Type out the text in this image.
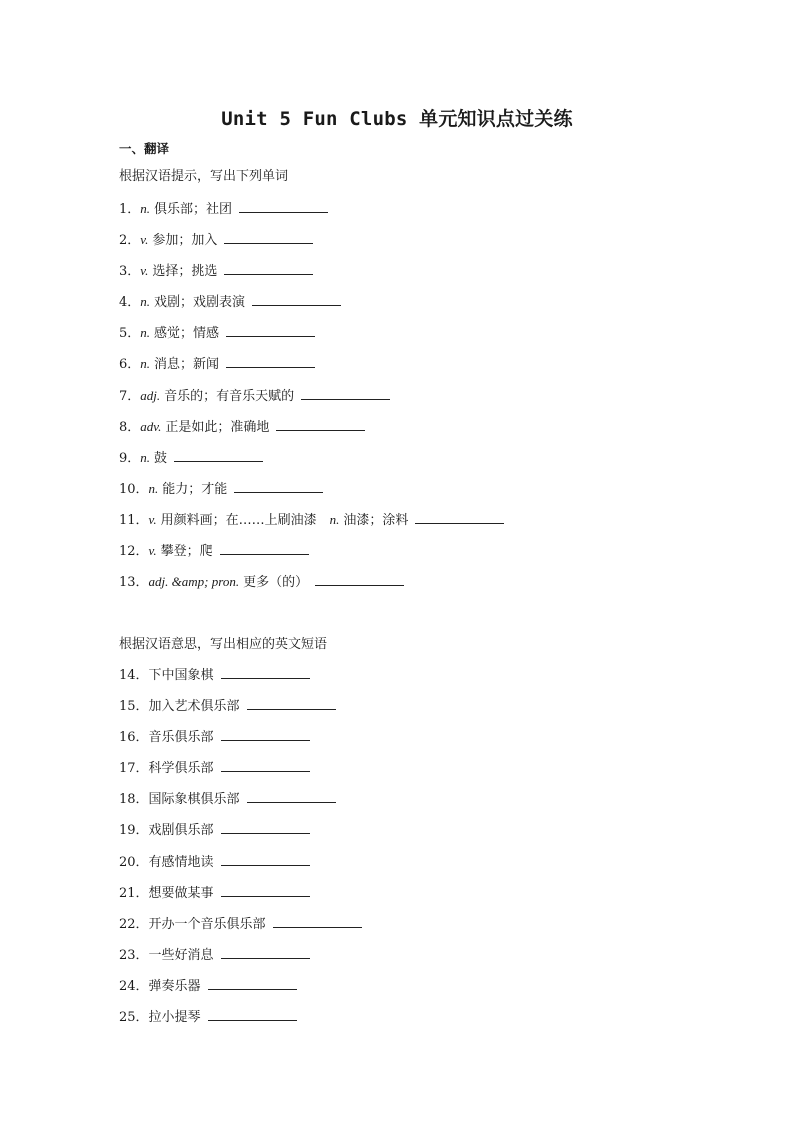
Unit 5 Fun Clubs 单元知识点过关练
一、翻译
根据汉语提示，写出下列单词
1．n. 俱乐部；社团
2．v. 参加；加入
3．v. 选择；挑选
4．n. 戏剧；戏剧表演
5．n. 感觉；情感
6．n. 消息；新闻
7．adj. 音乐的；有音乐天赋的
8．adv. 正是如此；准确地
9．n. 鼓
10．n. 能力；才能
11．v. 用颜料画；在……上刷油漆　n. 油漆；涂料
12．v. 攀登；爬
13．adj. &amp; pron. 更多（的）
根据汉语意思，写出相应的英文短语
14．下中国象棋
15．加入艺术俱乐部
16．音乐俱乐部
17．科学俱乐部
18．国际象棋俱乐部
19．戏剧俱乐部
20．有感情地读
21．想要做某事
22．开办一个音乐俱乐部
23．一些好消息
24．弹奏乐器
25．拉小提琴
